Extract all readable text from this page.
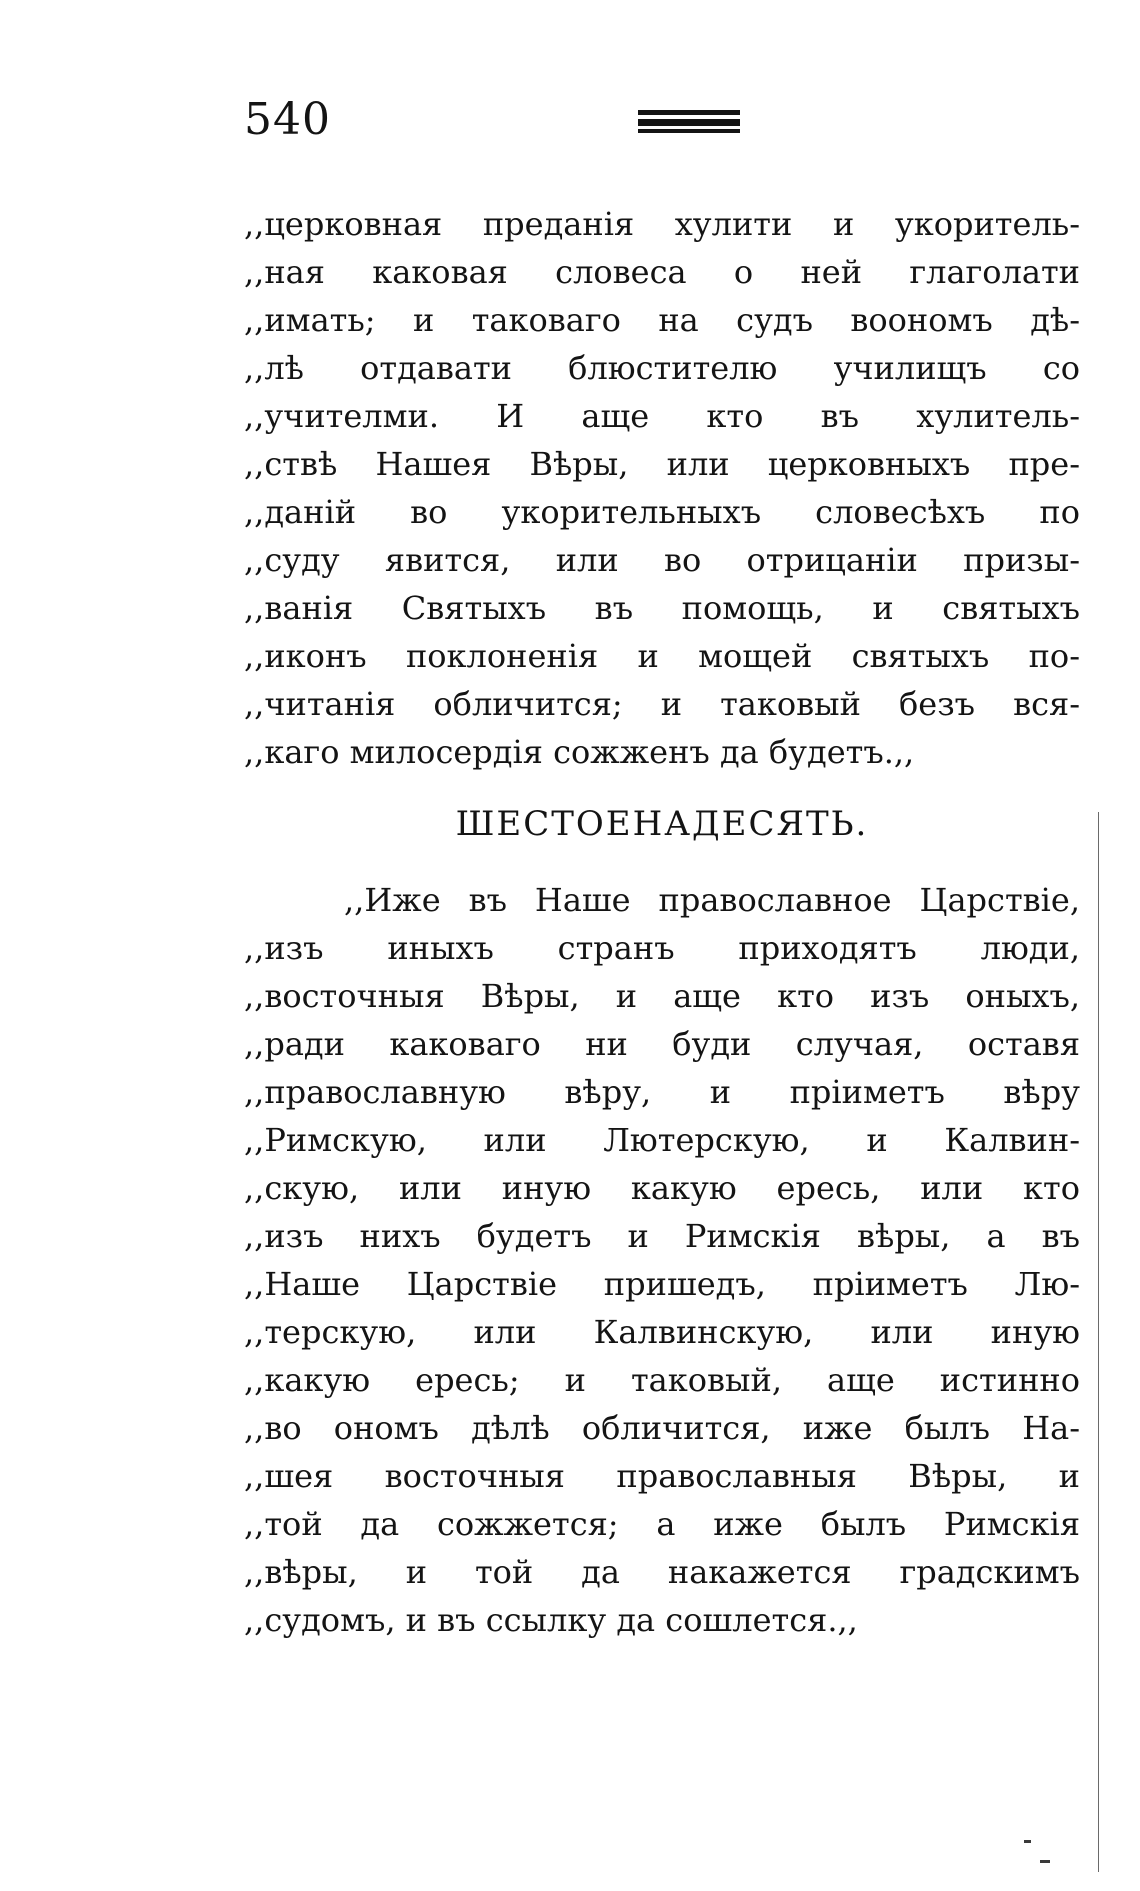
540
,,церковная преданія хулити и укоритель-
,,ная каковая словеса о ней глаголати
,,имать; и таковаго на судъ воономъ дѣ-
,,лѣ отдавати блюстителю училищъ со
,,учителми. И аще кто въ хулитель-
,,ствѣ Нашея Вѣры, или церковныхъ пре-
,,даній во укорительныхъ словесѣхъ по
,,суду явится, или во отрицаніи призы-
,,ванія Святыхъ въ помощь, и святыхъ
,,иконъ поклоненія и мощей святыхъ по-
,,читанія обличится; и таковый безъ вся-
,,каго милосердія сожженъ да будетъ.,,
ШЕСТОЕНАДЕСЯТЬ.
,,Иже въ Наше православное Царствіе,
,,изъ иныхъ странъ приходятъ люди,
,,восточныя Вѣры, и аще кто изъ оныхъ,
,,ради каковаго ни буди случая, оставя
,,православную вѣру, и пріиметъ вѣру
,,Римскую, или Лютерскую, и Калвин-
,,скую, или иную какую ересь, или кто
,,изъ нихъ будетъ и Римскія вѣры, а въ
,,Наше Царствіе пришедъ, пріиметъ Лю-
,,терскую, или Калвинскую, или иную
,,какую ересь; и таковый, аще истинно
,,во ономъ дѣлѣ обличится, иже былъ На-
,,шея восточныя православныя Вѣры, и
,,той да сожжется; а иже былъ Римскія
,,вѣры, и той да накажется градскимъ
,,судомъ, и въ ссылку да сошлется.,,
